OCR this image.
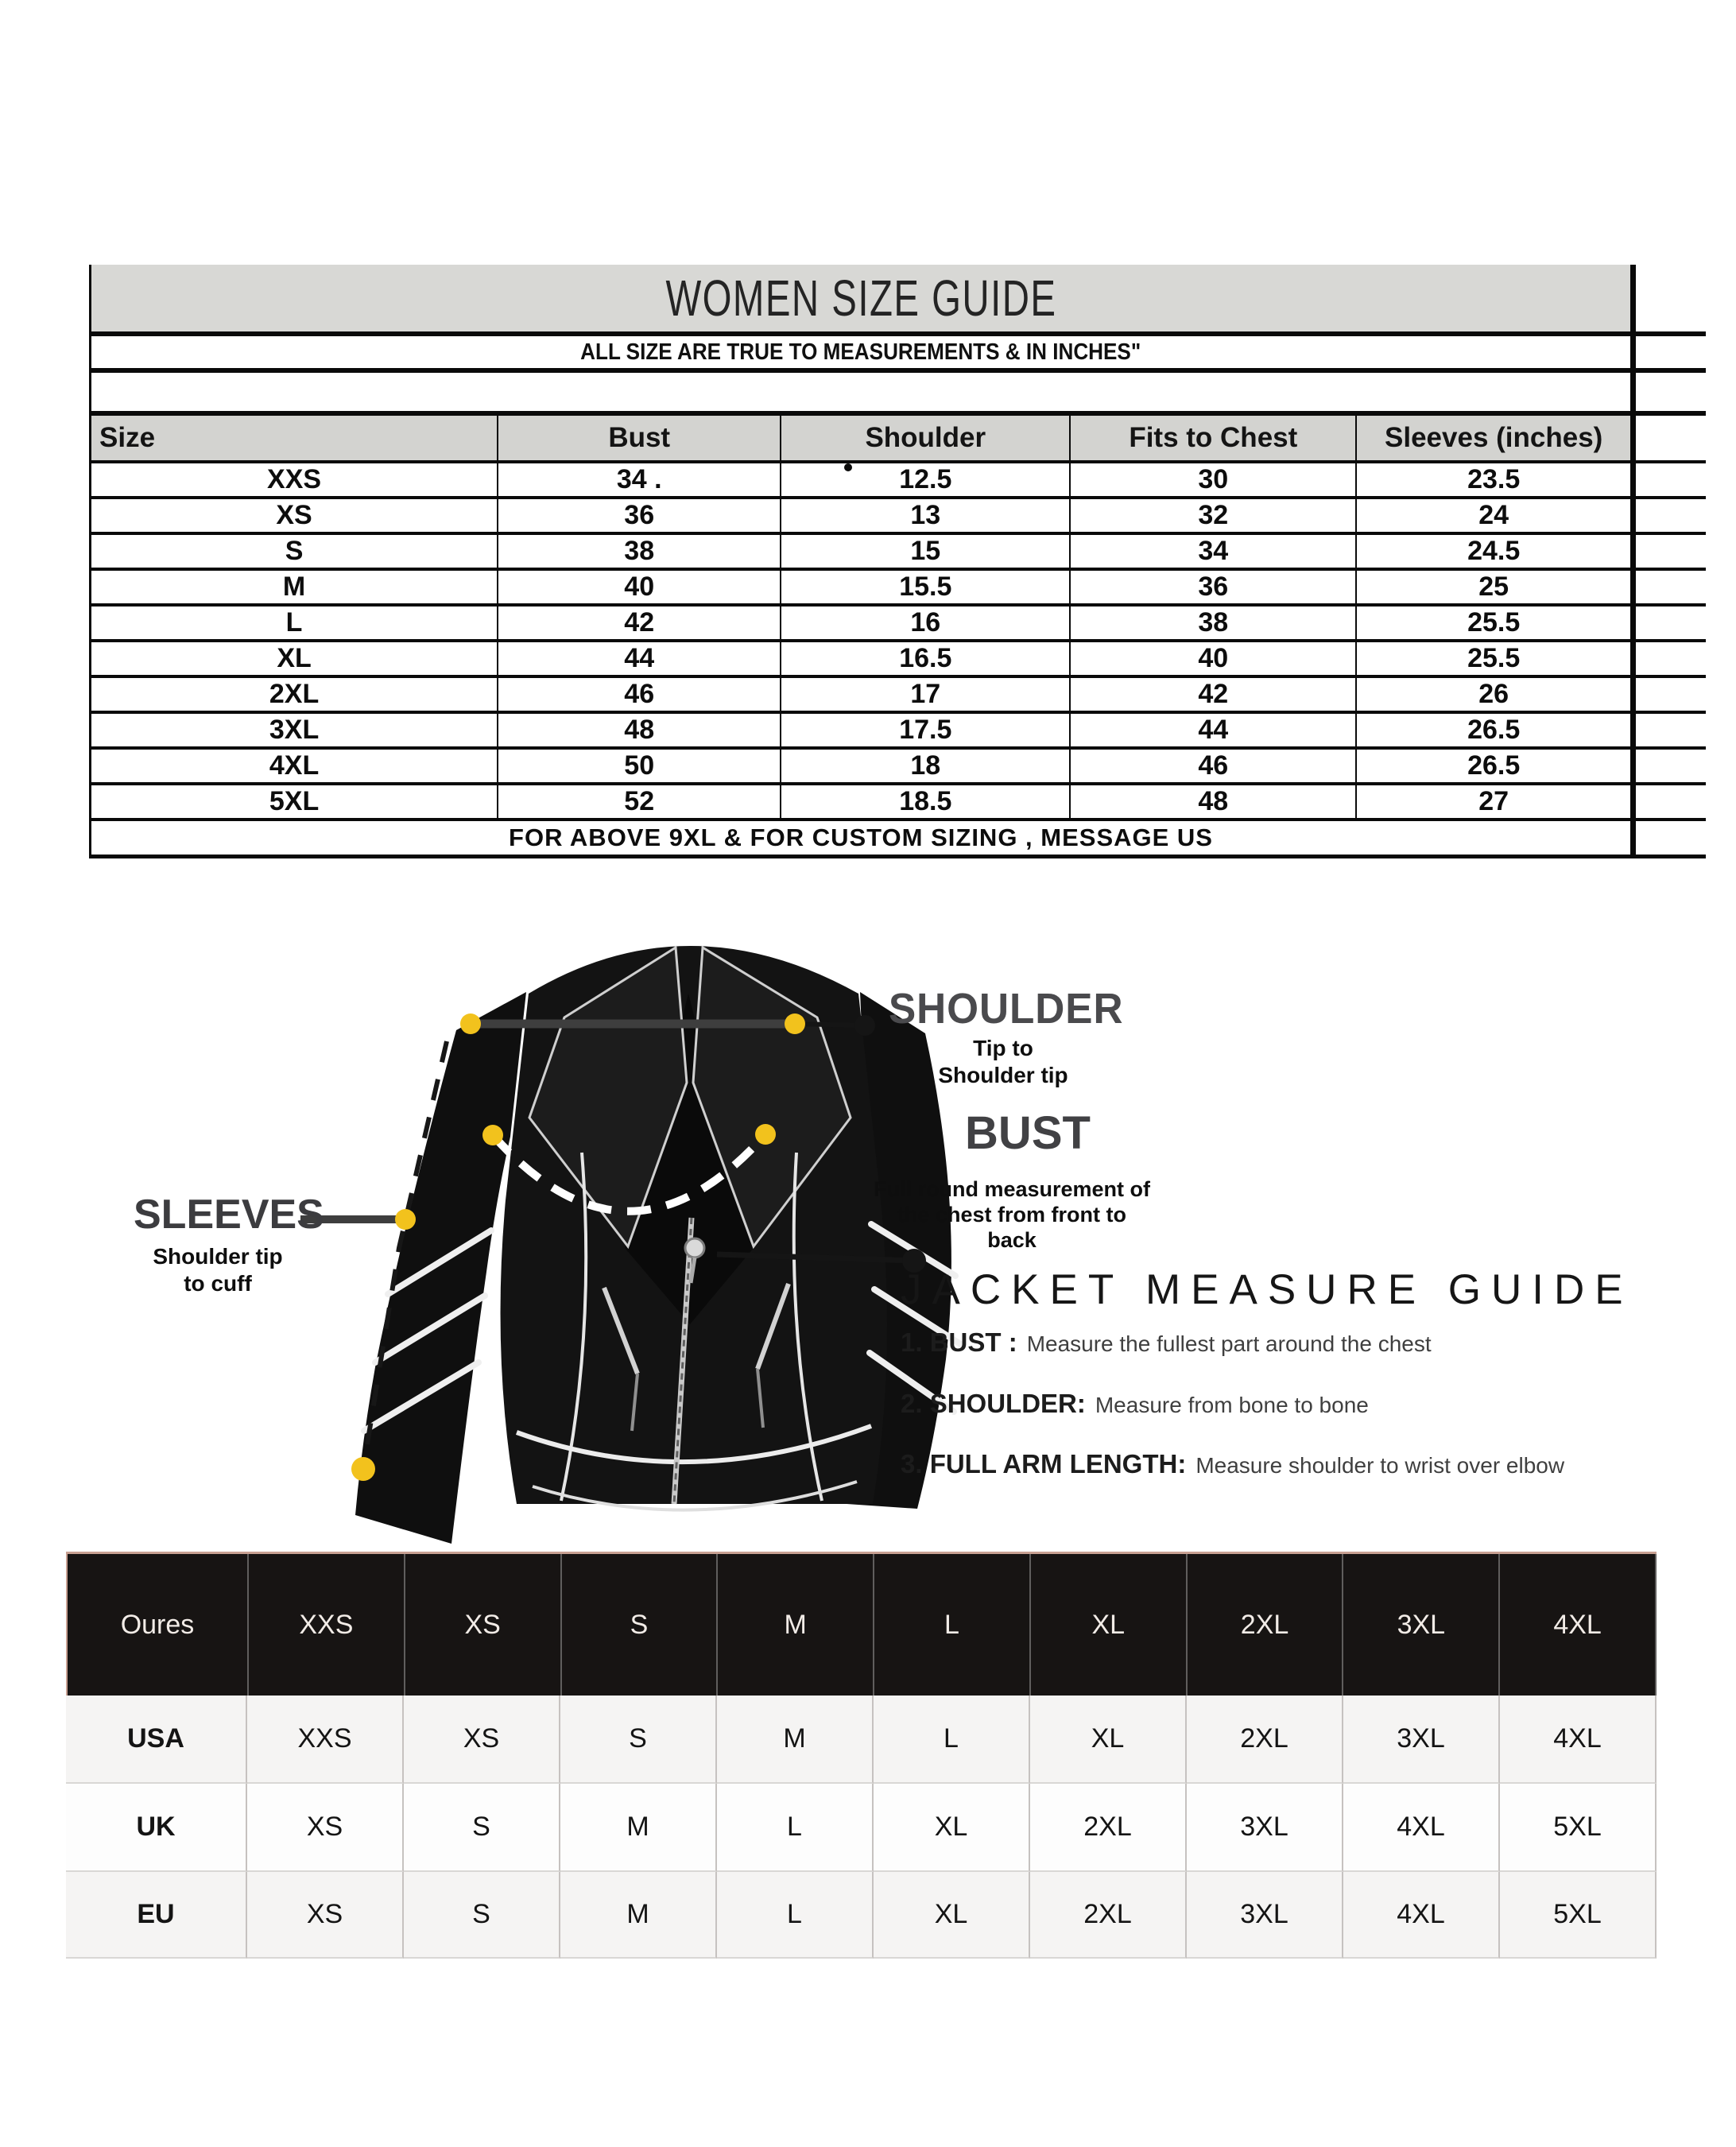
WOMEN SIZE GUIDE
ALL SIZE ARE TRUE TO MEASUREMENTS & IN INCHES"
Size	Bust	Shoulder	Fits to Chest	Sleeves (inches)
XXS	34 .	12.5	30	23.5
XS	36	13	32	24
S	38	15	34	24.5
M	40	15.5	36	25
L	42	16	38	25.5
XL	44	16.5	40	25.5
2XL	46	17	42	26
3XL	48	17.5	44	26.5
4XL	50	18	46	26.5
5XL	52	18.5	48	27
FOR ABOVE 9XL & FOR CUSTOM SIZING , MESSAGE US				
SHOULDER
Tip to
Shoulder tip
BUST
Full round measurement of
the chest from front to back
SLEEVES
Shoulder tip
to cuff	JACKET MEASURE GUIDE
1. BUST : Measure the fullest part around the chest
2. SHOULDER: Measure from bone to bone
3. FULL ARM LENGTH: Measure shoulder to wrist over elbow
Oures	XXS	XS	S	M	L	XL	2XL	3XL	4XL
USA	XXS	XS	S	M	L	XL	2XL	3XL	4XL
UK	XS	S	M	L	XL	2XL	3XL	4XL	5XL
EU	XS	S	M	L	XL	2XL	3XL	4XL	5XL
